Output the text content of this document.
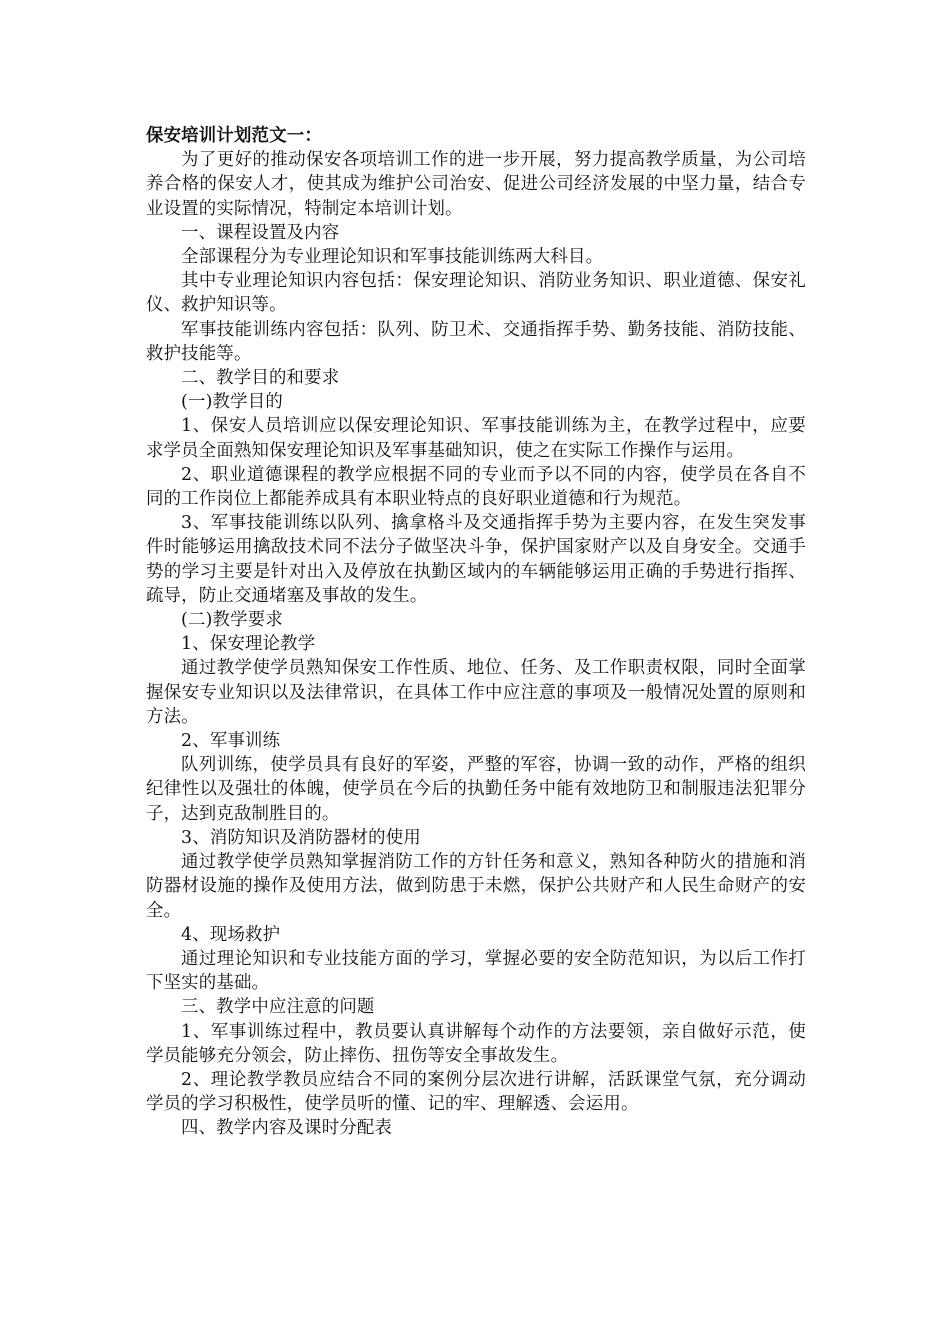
保安培训计划范文一：

为了更好的推动保安各项培训工作的进一步开展，努力提高教学质量，为公司培养合格的保安人才，使其成为维护公司治安、促进公司经济发展的中坚力量，结合专业设置的实际情况，特制定本培训计划。

一、课程设置及内容

全部课程分为专业理论知识和军事技能训练两大科目。

其中专业理论知识内容包括：保安理论知识、消防业务知识、职业道德、保安礼仪、救护知识等。

军事技能训练内容包括：队列、防卫术、交通指挥手势、勤务技能、消防技能、救护技能等。

二、教学目的和要求

(一)教学目的

1、保安人员培训应以保安理论知识、军事技能训练为主，在教学过程中，应要求学员全面熟知保安理论知识及军事基础知识，使之在实际工作操作与运用。

2、职业道德课程的教学应根据不同的专业而予以不同的内容，使学员在各自不同的工作岗位上都能养成具有本职业特点的良好职业道德和行为规范。

3、军事技能训练以队列、擒拿格斗及交通指挥手势为主要内容，在发生突发事件时能够运用擒敌技术同不法分子做坚决斗争，保护国家财产以及自身安全。交通手势的学习主要是针对出入及停放在执勤区域内的车辆能够运用正确的手势进行指挥、疏导，防止交通堵塞及事故的发生。

(二)教学要求

1、保安理论教学

通过教学使学员熟知保安工作性质、地位、任务、及工作职责权限，同时全面掌握保安专业知识以及法律常识，在具体工作中应注意的事项及一般情况处置的原则和方法。

2、军事训练

队列训练，使学员具有良好的军姿，严整的军容，协调一致的动作，严格的组织纪律性以及强壮的体魄，使学员在今后的执勤任务中能有效地防卫和制服违法犯罪分子，达到克敌制胜目的。

3、消防知识及消防器材的使用

通过教学使学员熟知掌握消防工作的方针任务和意义，熟知各种防火的措施和消防器材设施的操作及使用方法，做到防患于未燃，保护公共财产和人民生命财产的安全。

4、现场救护

通过理论知识和专业技能方面的学习，掌握必要的安全防范知识，为以后工作打下坚实的基础。

三、教学中应注意的问题

1、军事训练过程中，教员要认真讲解每个动作的方法要领，亲自做好示范，使学员能够充分领会，防止摔伤、扭伤等安全事故发生。

2、理论教学教员应结合不同的案例分层次进行讲解，活跃课堂气氛，充分调动学员的学习积极性，使学员听的懂、记的牢、理解透、会运用。

四、教学内容及课时分配表
